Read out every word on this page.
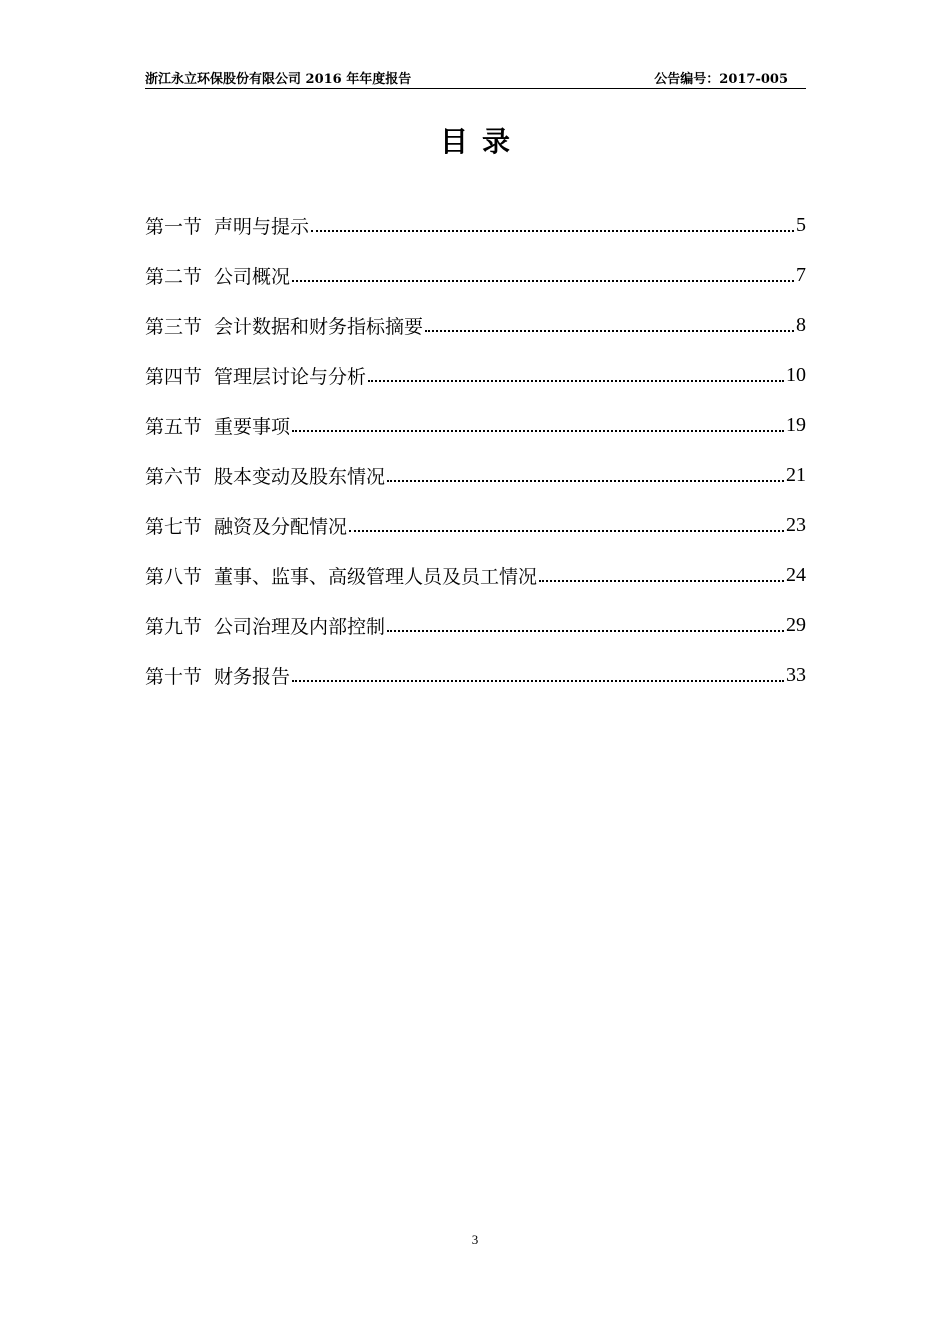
浙江永立环保股份有限公司 2016 年年度报告	公告编号：2017-005
目录
第一节 声明与提示	5
第二节 公司概况	7
第三节 会计数据和财务指标摘要	8
第四节 管理层讨论与分析	10
第五节 重要事项	19
第六节 股本变动及股东情况	21
第七节 融资及分配情况	23
第八节 董事、监事、高级管理人员及员工情况	24
第九节 公司治理及内部控制	29
第十节 财务报告	33
3
